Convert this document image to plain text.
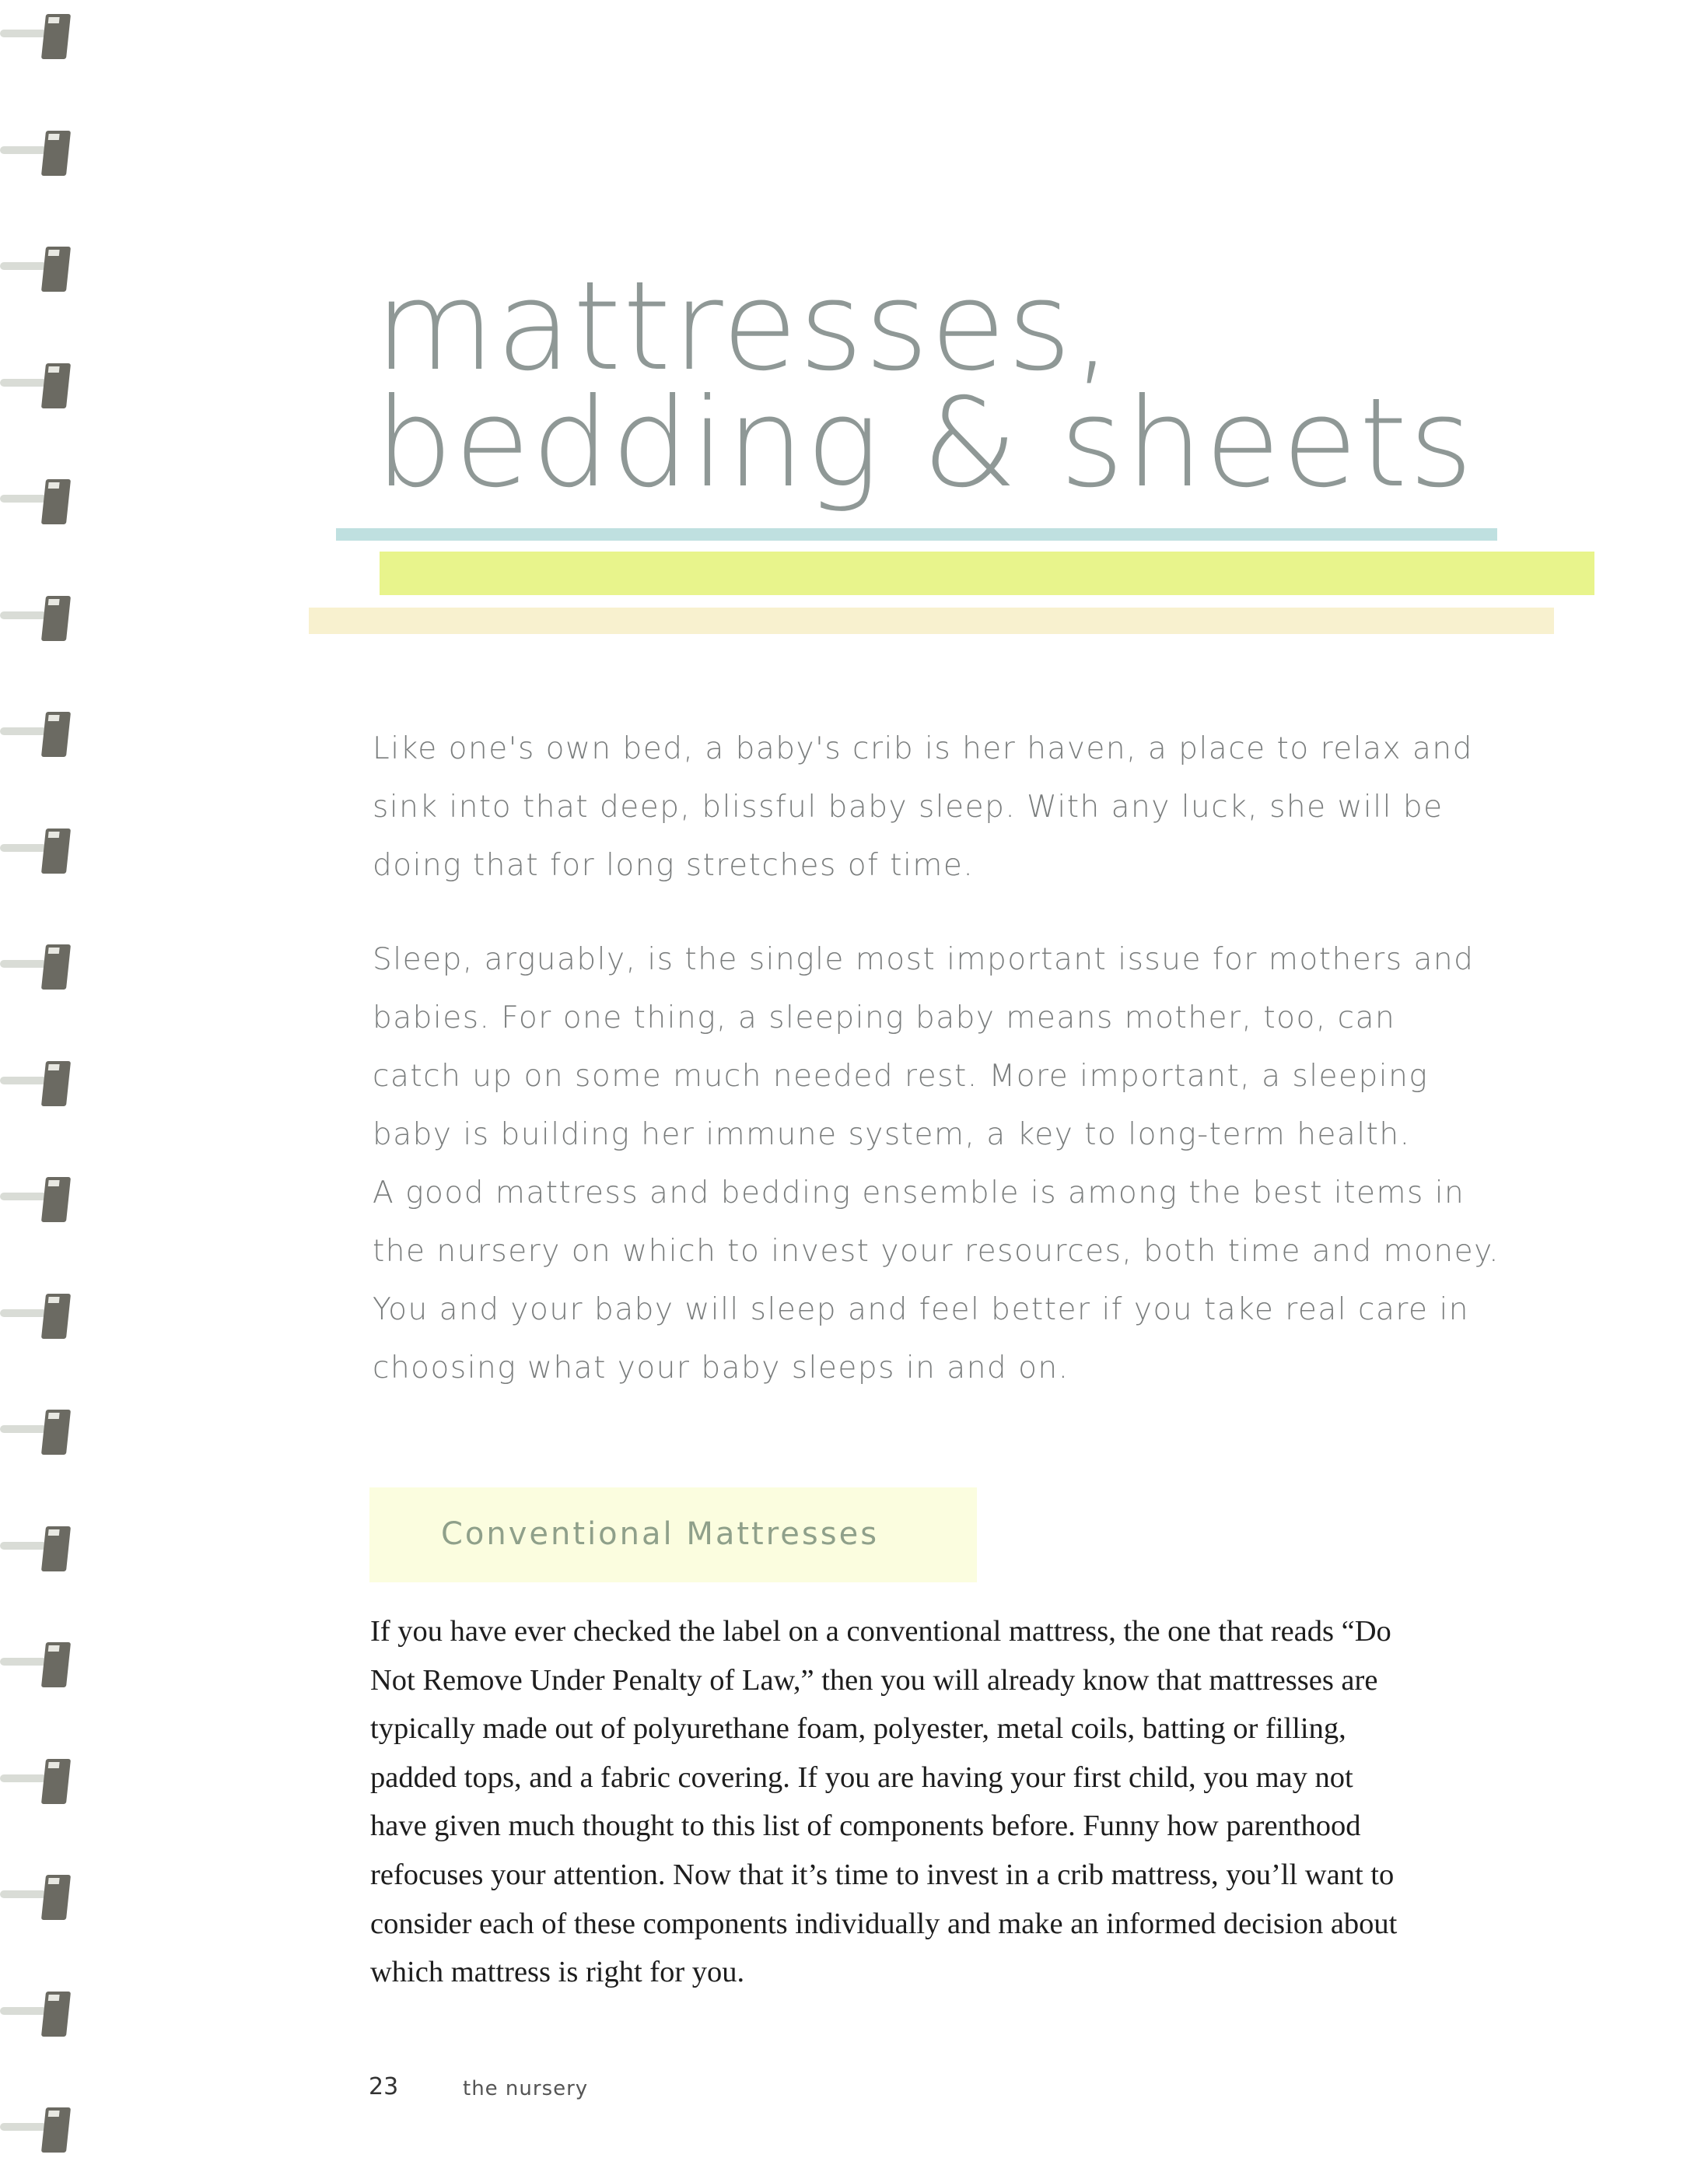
mattresses,
bedding & sheets
Like one's own bed, a baby's crib is her haven, a place to relax and
sink into that deep, blissful baby sleep. With any luck, she will be
doing that for long stretches of time.
Sleep, arguably, is the single most important issue for mothers and
babies. For one thing, a sleeping baby means mother, too, can
catch up on some much needed rest. More important, a sleeping
baby is building her immune system, a key to long-term health.
A good mattress and bedding ensemble is among the best items in
the nursery on which to invest your resources, both time and money.
You and your baby will sleep and feel better if you take real care in
choosing what your baby sleeps in and on.
Conventional Mattresses
If you have ever checked the label on a conventional mattress, the one that reads “Do
Not Remove Under Penalty of Law,” then you will already know that mattresses are
typically made out of polyurethane foam, polyester, metal coils, batting or filling,
padded tops, and a fabric covering. If you are having your first child, you may not
have given much thought to this list of components before. Funny how parenthood
refocuses your attention. Now that it’s time to invest in a crib mattress, you’ll want to
consider each of these components individually and make an informed decision about
which mattress is right for you.
23	the nursery
